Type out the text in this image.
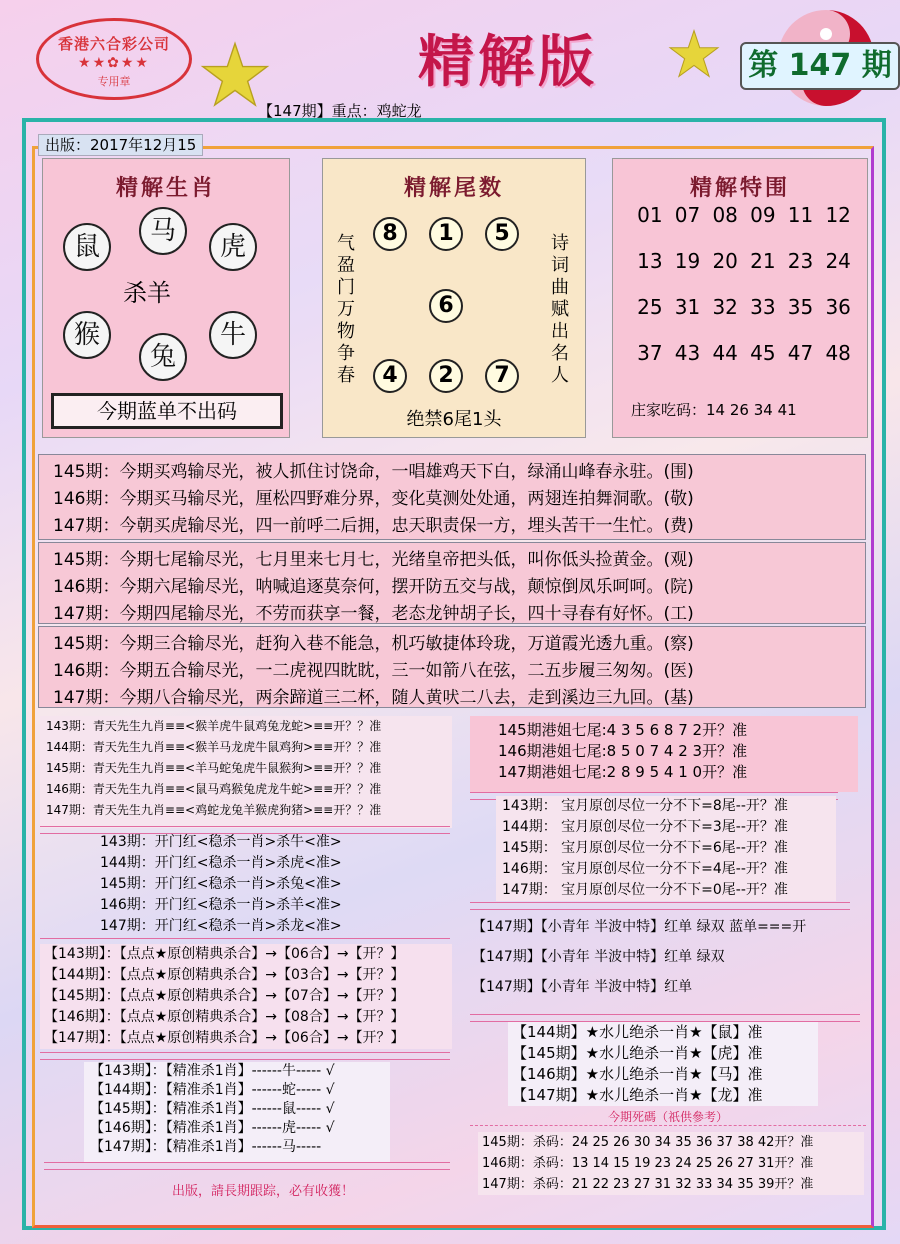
香港六合彩公司
★★✿★★
专用章	精解版	第 147 期
【147期】重点：鸡蛇龙
出版：2017年12月15
精解生肖
马
鼠	虎
杀羊
猴	牛
兔
今期蓝单不出码
精解尾数
气盈门万物争春
诗词曲赋出名人
8	1	5
6
4	2	7
绝禁6尾1头
精解特围
01 07 08 09 11 12
13 19 20 21 23 24
25 31 32 33 35 36
37 43 44 45 47 48
庄家吃码：14 26 34 41
145期：今期买鸡输尽光，被人抓住讨饶命，一唱雄鸡天下白，绿涌山峰春永驻。(围)
146期：今期买马输尽光，厘松四野难分界，变化莫测处处通，两翅连拍舞洞歌。(敬)
147期：今朝买虎输尽光，四一前呼二后拥，忠天职责保一方，埋头苦干一生忙。(费)
145期：今期七尾输尽光，七月里来七月七，光绪皇帝把头低，叫你低头捡黄金。(观)
146期：今期六尾输尽光，呐喊追逐莫奈何，摆开防五交与战，颠惊倒凤乐呵呵。(院)
147期：今期四尾输尽光，不劳而获享一餐，老态龙钟胡子长，四十寻春有好怀。(工)
145期：今期三合输尽光，赶狗入巷不能急，机巧敏捷体玲珑，万道霞光透九重。(察)
146期：今期五合输尽光，一二虎视四眈眈，三一如箭八在弦，二五步履三匆匆。(医)
147期：今期八合输尽光，两余蹄道三二杯，随人黄吠二八去，走到溪边三九回。(基)
143期：青天先生九肖≡≡<猴羊虎牛鼠鸡兔龙蛇>≡≡开？？准
144期：青天先生九肖≡≡<猴羊马龙虎牛鼠鸡狗>≡≡开？？准
145期：青天先生九肖≡≡<羊马蛇兔虎牛鼠猴狗>≡≡开？？准
146期：青天先生九肖≡≡<鼠马鸡猴兔虎龙牛蛇>≡≡开？？准
147期：青天先生九肖≡≡<鸡蛇龙兔羊猴虎狗猪>≡≡开？？准
143期：开门红<稳杀一肖>杀牛<准>
144期：开门红<稳杀一肖>杀虎<准>
145期：开门红<稳杀一肖>杀兔<准>
146期：开门红<稳杀一肖>杀羊<准>
147期：开门红<稳杀一肖>杀龙<准>
【143期】：【点点★原创精典杀合】→【06合】→【开？】
【144期】：【点点★原创精典杀合】→【03合】→【开？】
【145期】：【点点★原创精典杀合】→【07合】→【开？】
【146期】：【点点★原创精典杀合】→【08合】→【开？】
【147期】：【点点★原创精典杀合】→【06合】→【开？】
【143期】：【精准杀1肖】------牛----- √
【144期】：【精准杀1肖】------蛇----- √
【145期】：【精准杀1肖】------鼠----- √
【146期】：【精准杀1肖】------虎----- √
【147期】：【精准杀1肖】------马-----
出版，請長期跟踪，必有收獲！
145期港姐七尾:4 3 5 6 8 7 2开？准
146期港姐七尾:8 5 0 7 4 2 3开？准
147期港姐七尾:2 8 9 5 4 1 0开？准
143期： 宝月原创尽位一分不下=8尾--开？准
144期： 宝月原创尽位一分不下=3尾--开？准
145期： 宝月原创尽位一分不下=6尾--开？准
146期： 宝月原创尽位一分不下=4尾--开？准
147期： 宝月原创尽位一分不下=0尾--开？准
【147期】【小青年 半波中特】红单 绿双 蓝单===开
【147期】【小青年 半波中特】红单 绿双
【147期】【小青年 半波中特】红单
【144期】★水儿绝杀一肖★【鼠】准
【145期】★水儿绝杀一肖★【虎】准
【146期】★水儿绝杀一肖★【马】准
【147期】★水儿绝杀一肖★【龙】准
今期死碼（祇供參考）
145期：杀码：24 25 26 30 34 35 36 37 38 42开？准
146期：杀码：13 14 15 19 23 24 25 26 27 31开？准
147期：杀码：21 22 23 27 31 32 33 34 35 39开？准
